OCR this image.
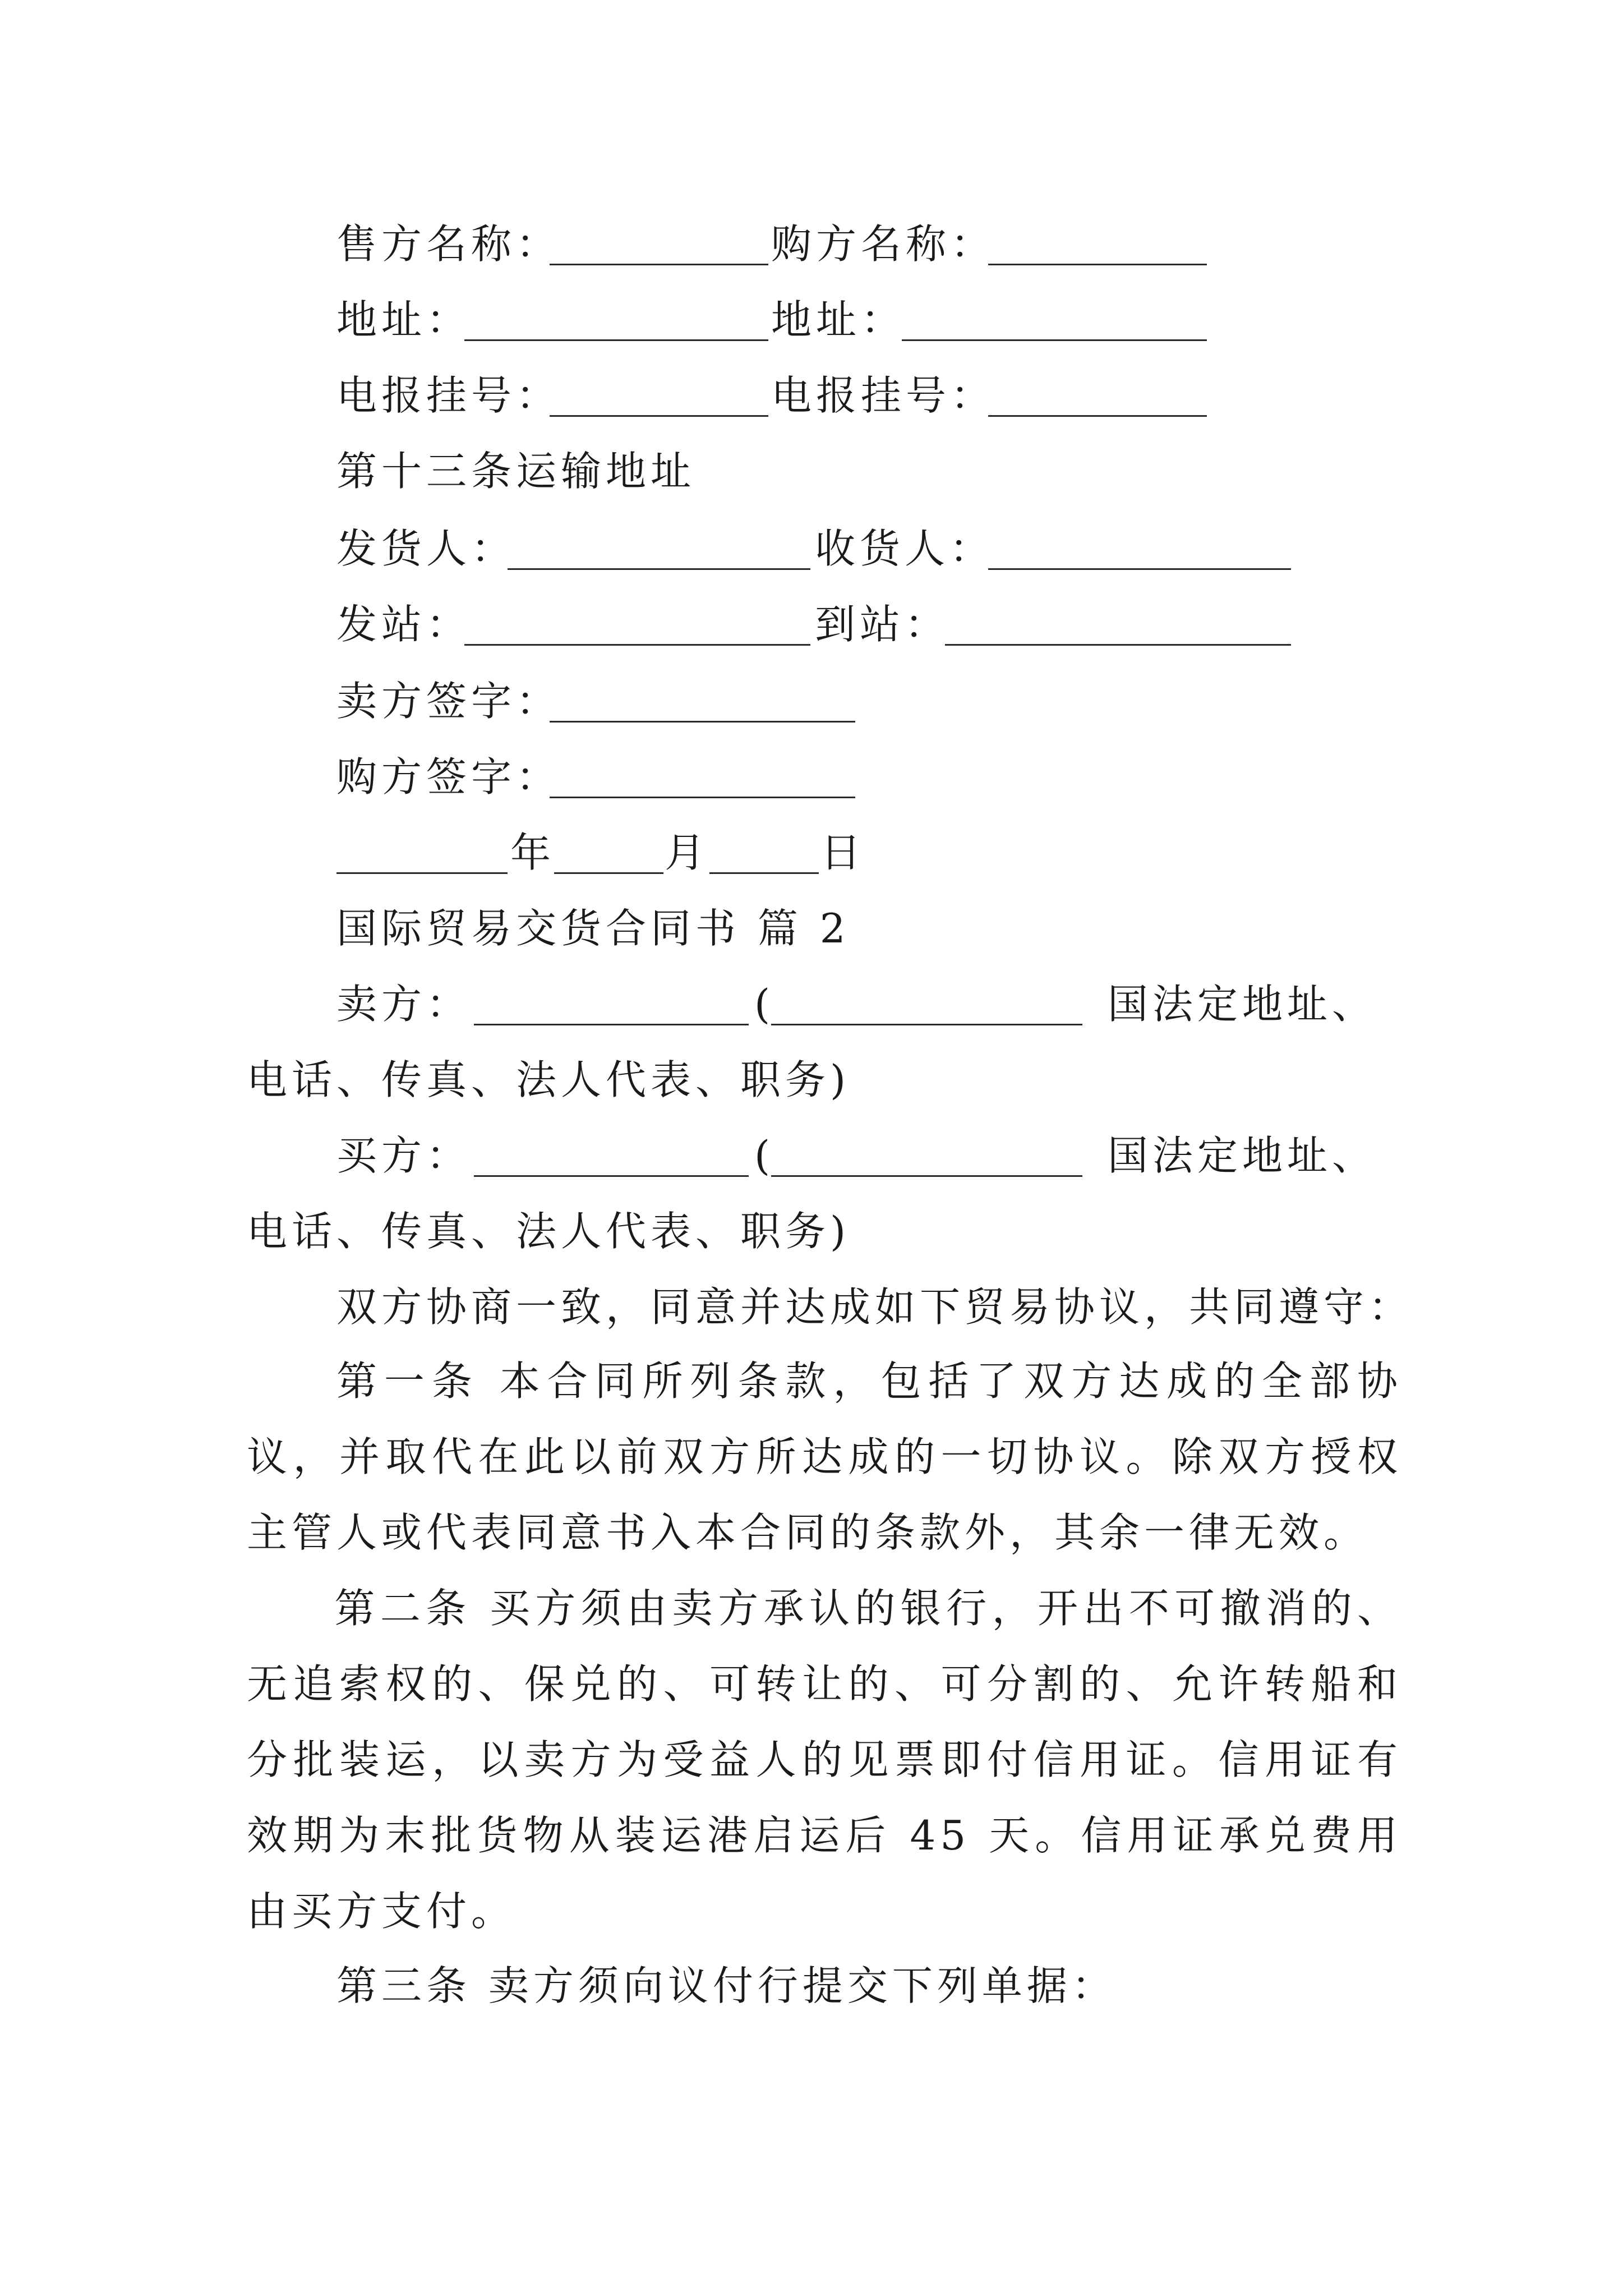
售方名称：	购方名称：
地址：	地址：
电报挂号：	电报挂号：
第十三条运输地址
发货人：	收货人：
发站：	到站：
卖方签字：
购方签字：
年	月	日
国际贸易交货合同书 篇 2
卖方：	(	国法定地址、
电话、传真、法人代表、职务)
买方：	(	国法定地址、
电话、传真、法人代表、职务)
双方协商一致，同意并达成如下贸易协议，共同遵守：
第一条 本合同所列条款，包括了双方达成的全部协议，并取代在此以前双方所达成的一切协议。除双方授权主管人或代表同意书入本合同的条款外，其余一律无效。
第二条 买方须由卖方承认的银行，开出不可撤消的、无追索权的、保兑的、可转让的、可分割的、允许转船和分批装运，以卖方为受益人的见票即付信用证。信用证有效期为末批货物从装运港启运后 45 天。信用证承兑费用由买方支付。
第三条 卖方须向议付行提交下列单据：
